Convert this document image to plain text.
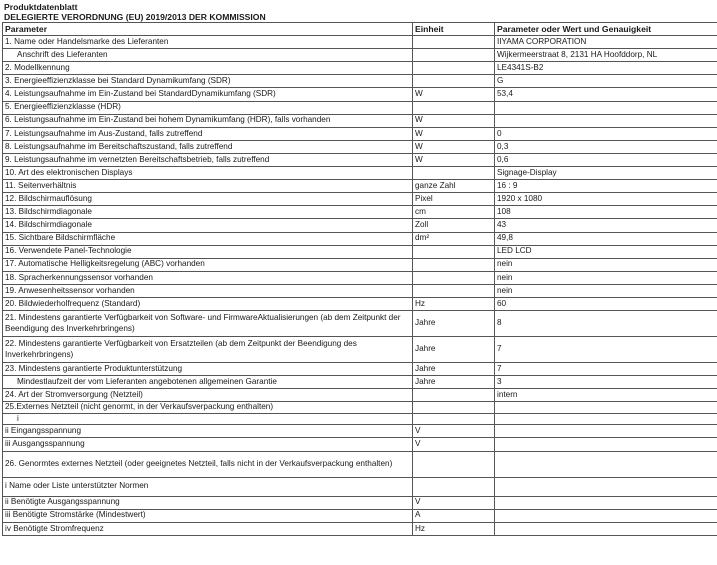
Produktdatenblatt
DELEGIERTE VERORDNUNG (EU) 2019/2013 DER KOMMISSION
Parameter	Einheit	Parameter oder Wert und Genauigkeit
1. Name oder Handelsmarke des Lieferanten		IIYAMA CORPORATION
Anschrift des Lieferanten		Wijkermeerstraat 8, 2131 HA Hoofddorp, NL
2. Modellkennung		LE4341S-B2
3. Energieeffizienzklasse bei Standard Dynamikumfang (SDR)		G
4. Leistungsaufnahme im Ein-Zustand bei StandardDynamikumfang (SDR)	W	53,4
5. Energieeffizienzklasse (HDR)		
6. Leistungsaufnahme im Ein-Zustand bei hohem Dynamikumfang (HDR), falls vorhanden	W	
7. Leistungsaufnahme im Aus-Zustand, falls zutreffend	W	0
8. Leistungsaufnahme im Bereitschaftszustand, falls zutreffend	W	0,3
9. Leistungsaufnahme im vernetzten Bereitschaftsbetrieb, falls zutreffend	W	0,6
10. Art des elektronischen Displays		Signage-Display
11. Seitenverhältnis	ganze Zahl	16 : 9
12. Bildschirmauflösung	Pixel	1920 x 1080
13. Bildschirmdiagonale	cm	108
14. Bildschirmdiagonale	Zoll	43
15. Sichtbare Bildschirmfläche	dm²	49,8
16. Verwendete Panel-Technologie		LED LCD
17. Automatische Helligkeitsregelung (ABC) vorhanden		nein
18. Spracherkennungssensor vorhanden		nein
19. Anwesenheitssensor vorhanden		nein
20. Bildwiederholfrequenz (Standard)	Hz	60
21. Mindestens garantierte Verfügbarkeit von Software- und FirmwareAktualisierungen (ab dem Zeitpunkt der Beendigung des Inverkehrbringens)	Jahre	8
22. Mindestens garantierte Verfügbarkeit von Ersatzteilen (ab dem Zeitpunkt der Beendigung des Inverkehrbringens)	Jahre	7
23. Mindestens garantierte Produktunterstützung	Jahre	7
Mindestlaufzeit der vom Lieferanten angebotenen allgemeinen Garantie	Jahre	3
24. Art der Stromversorgung (Netzteil)		intern
25.Externes Netzteil (nicht genormt, in der Verkaufsverpackung enthalten)		
i		
ii Eingangsspannung	V	
iii Ausgangsspannung	V	
26. Genormtes externes Netzteil (oder geeignetes Netzteil, falls nicht in der Verkaufsverpackung enthalten)		
i Name oder Liste unterstützter Normen		
ii Benötigte Ausgangsspannung	V	
iii Benötigte Stromstärke (Mindestwert)	A	
iv Benötigte Stromfrequenz	Hz	
